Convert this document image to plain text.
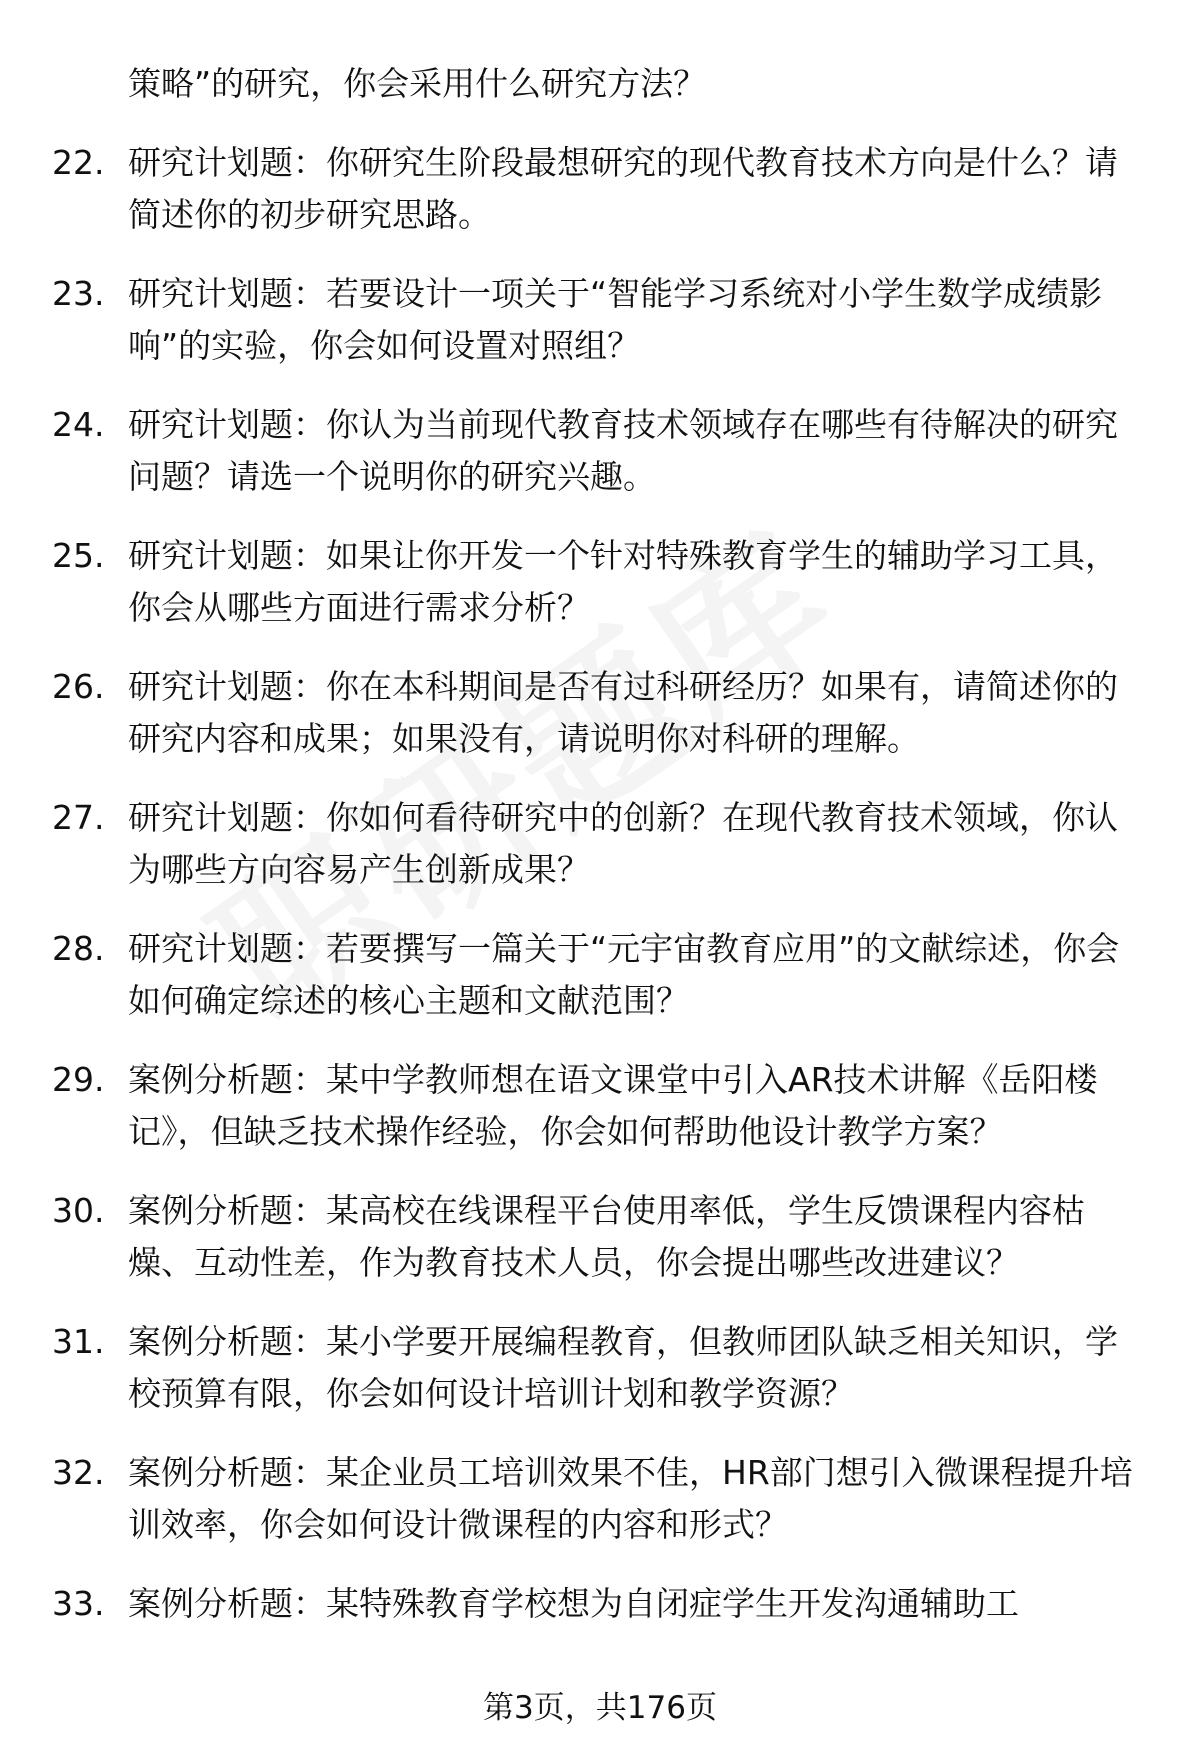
策略”的研究，你会采用什么研究方法？
22. 研究计划题：你研究生阶段最想研究的现代教育技术方向是什么？请简述你的初步研究思路。
23. 研究计划题：若要设计一项关于“智能学习系统对小学生数学成绩影响”的实验，你会如何设置对照组？
24. 研究计划题：你认为当前现代教育技术领域存在哪些有待解决的研究问题？请选一个说明你的研究兴趣。
25. 研究计划题：如果让你开发一个针对特殊教育学生的辅助学习工具，你会从哪些方面进行需求分析？
26. 研究计划题：你在本科期间是否有过科研经历？如果有，请简述你的研究内容和成果；如果没有，请说明你对科研的理解。
27. 研究计划题：你如何看待研究中的创新？在现代教育技术领域，你认为哪些方向容易产生创新成果？
28. 研究计划题：若要撰写一篇关于“元宇宙教育应用”的文献综述，你会如何确定综述的核心主题和文献范围？
29. 案例分析题：某中学教师想在语文课堂中引入AR技术讲解《岳阳楼记》，但缺乏技术操作经验，你会如何帮助他设计教学方案？
30. 案例分析题：某高校在线课程平台使用率低，学生反馈课程内容枯燥、互动性差，作为教育技术人员，你会提出哪些改进建议？
31. 案例分析题：某小学要开展编程教育，但教师团队缺乏相关知识，学校预算有限，你会如何设计培训计划和教学资源？
32. 案例分析题：某企业员工培训效果不佳，HR部门想引入微课程提升培训效率，你会如何设计微课程的内容和形式？
33. 案例分析题：某特殊教育学校想为自闭症学生开发沟通辅助工
第3页，共176页
